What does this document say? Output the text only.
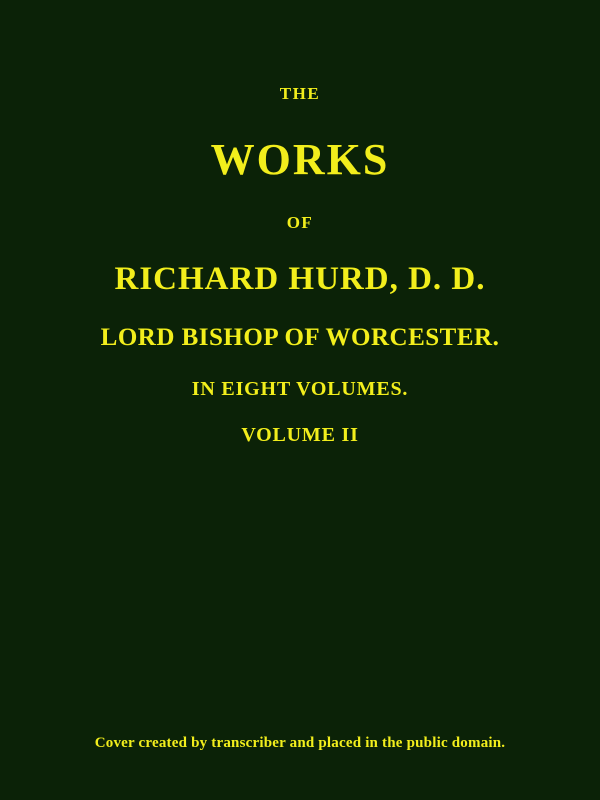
THE
WORKS
OF
RICHARD HURD, D. D.
LORD BISHOP OF WORCESTER.
IN EIGHT VOLUMES.
VOLUME II
Cover created by transcriber and placed in the public domain.
